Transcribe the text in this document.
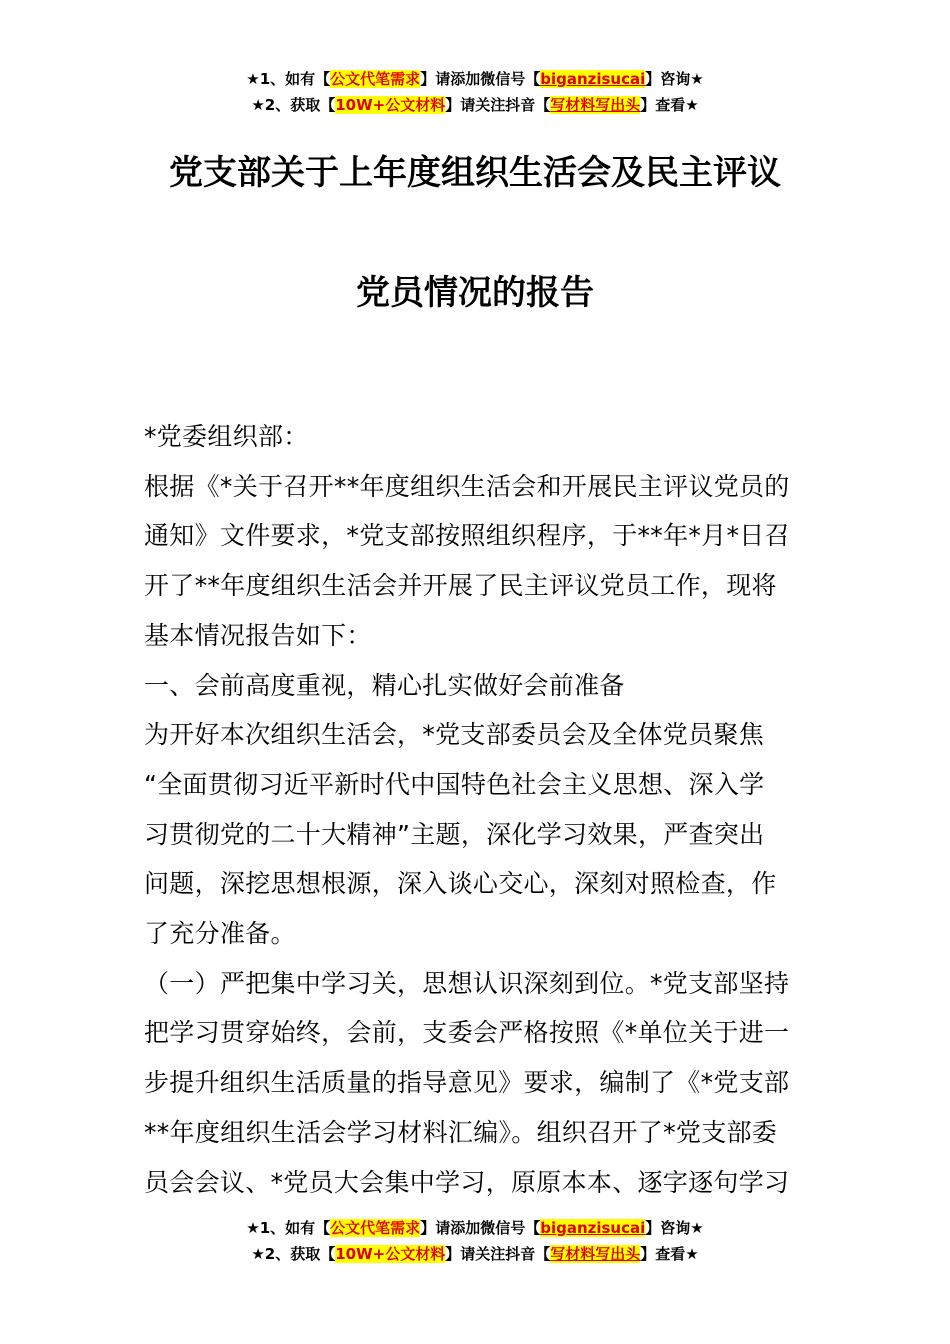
★1、如有【公文代笔需求】请添加微信号【biganzisucai】咨询★
★2、获取【10W+公文材料】请关注抖音【写材料写出头】查看★
党支部关于上年度组织生活会及民主评议
党员情况的报告

*党委组织部：

根据《*关于召开**年度组织生活会和开展民主评议党员的

通知》文件要求，*党支部按照组织程序，于**年*月*日召

开了**年度组织生活会并开展了民主评议党员工作，现将

基本情况报告如下：

一、会前高度重视，精心扎实做好会前准备

为开好本次组织生活会，*党支部委员会及全体党员聚焦

“全面贯彻习近平新时代中国特色社会主义思想、深入学

习贯彻党的二十大精神”主题，深化学习效果，严查突出

问题，深挖思想根源，深入谈心交心，深刻对照检查，作

了充分准备。

（一）严把集中学习关，思想认识深刻到位。*党支部坚持

把学习贯穿始终，会前，支委会严格按照《*单位关于进一

步提升组织生活质量的指导意见》要求，编制了《*党支部

**年度组织生活会学习材料汇编》。组织召开了*党支部委

员会会议、*党员大会集中学习，原原本本、逐字逐句学习

★1、如有【公文代笔需求】请添加微信号【biganzisucai】咨询★
★2、获取【10W+公文材料】请关注抖音【写材料写出头】查看★
